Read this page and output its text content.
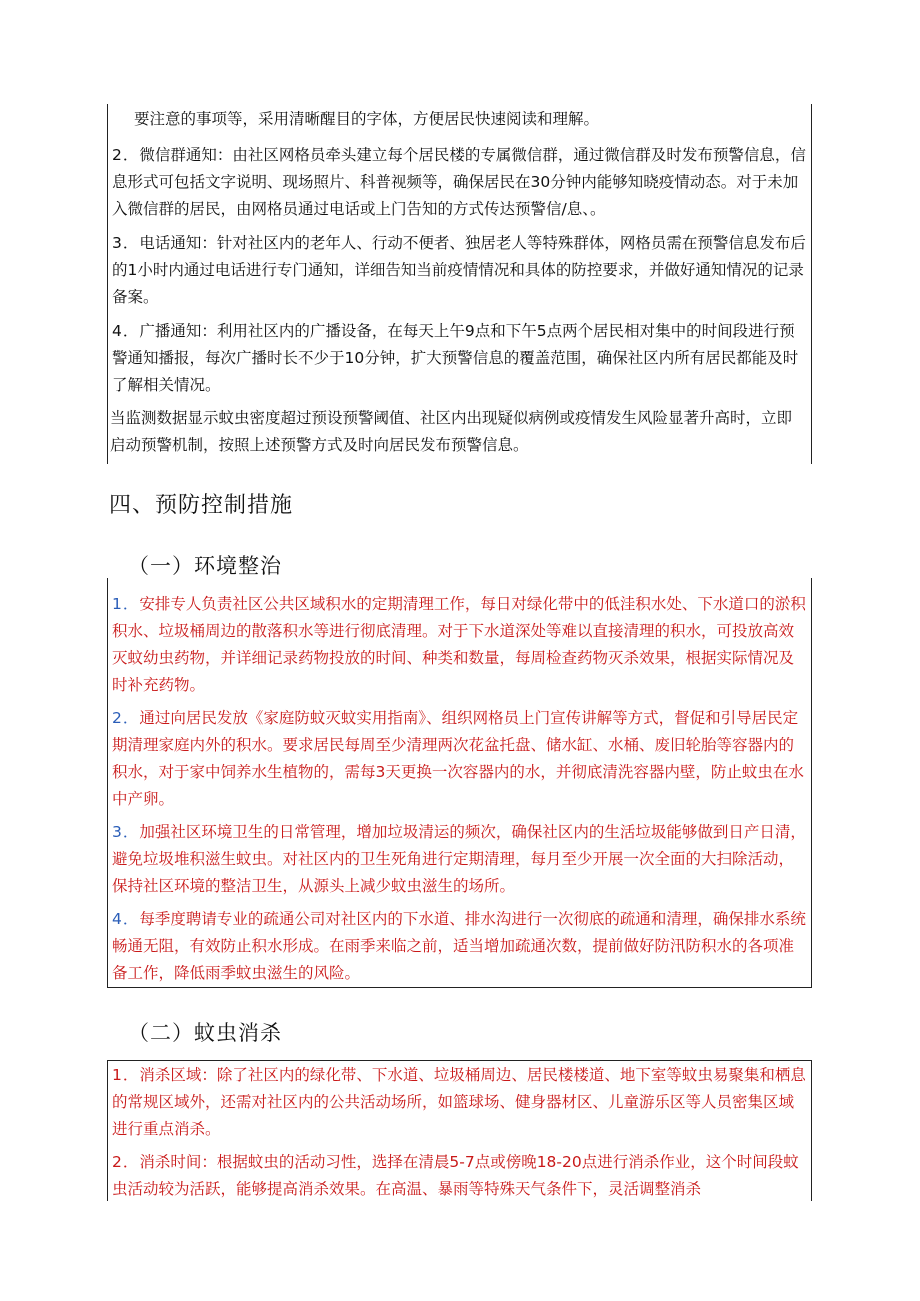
要注意的事项等，采用清晰醒目的字体，方便居民快速阅读和理解。

2．微信群通知：由社区网格员牵头建立每个居民楼的专属微信群，通过微信群及时发布预警信息，信息形式可包括文字说明、现场照片、科普视频等，确保居民在30分钟内能够知晓疫情动态。对于未加入微信群的居民，由网格员通过电话或上门告知的方式传达预警信/息、。

3．电话通知：针对社区内的老年人、行动不便者、独居老人等特殊群体，网格员需在预警信息发布后的1小时内通过电话进行专门通知，详细告知当前疫情情况和具体的防控要求，并做好通知情况的记录备案。

4．广播通知：利用社区内的广播设备，在每天上午9点和下午5点两个居民相对集中的时间段进行预警通知播报，每次广播时长不少于10分钟，扩大预警信息的覆盖范围，确保社区内所有居民都能及时了解相关情况。

当监测数据显示蚊虫密度超过预设预警阈值、社区内出现疑似病例或疫情发生风险显著升高时，立即启动预警机制，按照上述预警方式及时向居民发布预警信息。

四、预防控制措施
（一）环境整治

1．安排专人负责社区公共区域积水的定期清理工作，每日对绿化带中的低洼积水处、下水道口的淤积积水、垃圾桶周边的散落积水等进行彻底清理。对于下水道深处等难以直接清理的积水，可投放高效灭蚊幼虫药物，并详细记录药物投放的时间、种类和数量，每周检查药物灭杀效果，根据实际情况及时补充药物。

2．通过向居民发放《家庭防蚊灭蚊实用指南》、组织网格员上门宣传讲解等方式，督促和引导居民定期清理家庭内外的积水。要求居民每周至少清理两次花盆托盘、储水缸、水桶、废旧轮胎等容器内的积水，对于家中饲养水生植物的，需每3天更换一次容器内的水，并彻底清洗容器内壁，防止蚊虫在水中产卵。

3．加强社区环境卫生的日常管理，增加垃圾清运的频次，确保社区内的生活垃圾能够做到日产日清，避免垃圾堆积滋生蚊虫。对社区内的卫生死角进行定期清理，每月至少开展一次全面的大扫除活动，保持社区环境的整洁卫生，从源头上减少蚊虫滋生的场所。

4．每季度聘请专业的疏通公司对社区内的下水道、排水沟进行一次彻底的疏通和清理，确保排水系统畅通无阻，有效防止积水形成。在雨季来临之前，适当增加疏通次数，提前做好防汛防积水的各项准备工作，降低雨季蚊虫滋生的风险。

（二）蚊虫消杀

1．消杀区域：除了社区内的绿化带、下水道、垃圾桶周边、居民楼楼道、地下室等蚊虫易聚集和栖息的常规区域外，还需对社区内的公共活动场所，如篮球场、健身器材区、儿童游乐区等人员密集区域进行重点消杀。

2．消杀时间：根据蚊虫的活动习性，选择在清晨5-7点或傍晚18-20点进行消杀作业，这个时间段蚊虫活动较为活跃，能够提高消杀效果。在高温、暴雨等特殊天气条件下，灵活调整消杀
